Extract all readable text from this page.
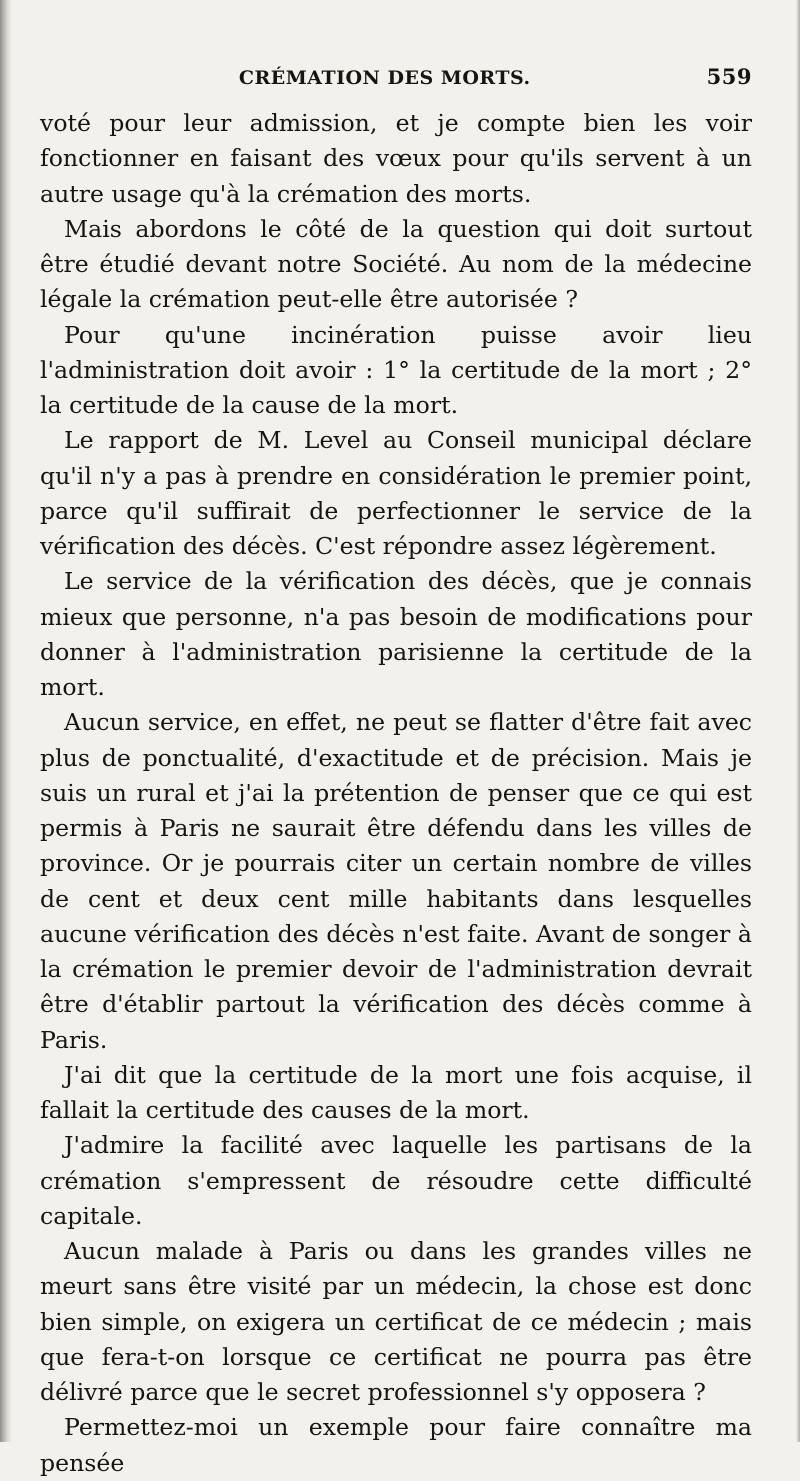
CRÉMATION DES MORTS.	559

voté pour leur admission, et je compte bien les voir fonctionner en faisant des vœux pour qu'ils servent à un autre usage qu'à la crémation des morts.

Mais abordons le côté de la question qui doit surtout être étudié devant notre Société. Au nom de la médecine légale la crémation peut-elle être autorisée ?

Pour qu'une incinération puisse avoir lieu l'administration doit avoir : 1° la certitude de la mort ; 2° la certitude de la cause de la mort.

Le rapport de M. Level au Conseil municipal déclare qu'il n'y a pas à prendre en considération le premier point, parce qu'il suffirait de perfectionner le service de la vérification des décès. C'est répondre assez légèrement.

Le service de la vérification des décès, que je connais mieux que personne, n'a pas besoin de modifications pour donner à l'administration parisienne la certitude de la mort.

Aucun service, en effet, ne peut se flatter d'être fait avec plus de ponctualité, d'exactitude et de précision. Mais je suis un rural et j'ai la prétention de penser que ce qui est permis à Paris ne saurait être défendu dans les villes de province. Or je pourrais citer un certain nombre de villes de cent et deux cent mille habitants dans lesquelles aucune vérification des décès n'est faite. Avant de songer à la crémation le premier devoir de l'administration devrait être d'établir partout la vérification des décès comme à Paris.

J'ai dit que la certitude de la mort une fois acquise, il fallait la certitude des causes de la mort.

J'admire la facilité avec laquelle les partisans de la crémation s'empressent de résoudre cette difficulté capitale.

Aucun malade à Paris ou dans les grandes villes ne meurt sans être visité par un médecin, la chose est donc bien simple, on exigera un certificat de ce médecin ; mais que fera-t-on lorsque ce certificat ne pourra pas être délivré parce que le secret professionnel s'y opposera ?

Permettez-moi un exemple pour faire connaître ma pensée
